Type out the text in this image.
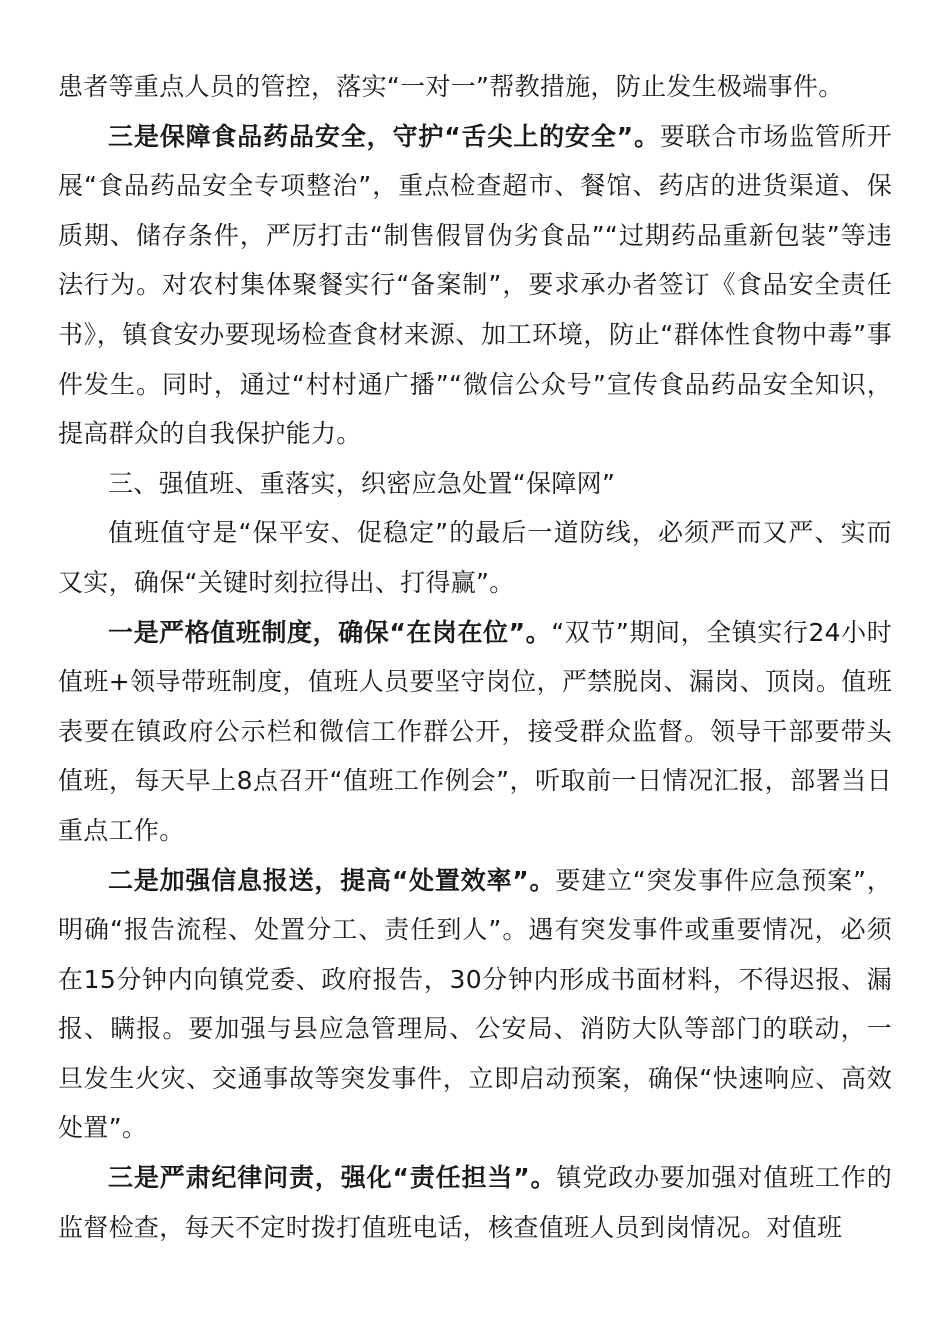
患者等重点人员的管控，落实“一对一”帮教措施，防止发生极端事件。

三是保障食品药品安全，守护“舌尖上的安全”。要联合市场监管所开展“食品药品安全专项整治”，重点检查超市、餐馆、药店的进货渠道、保质期、储存条件，严厉打击“制售假冒伪劣食品”“过期药品重新包装”等违法行为。对农村集体聚餐实行“备案制”，要求承办者签订《食品安全责任书》，镇食安办要现场检查食材来源、加工环境，防止“群体性食物中毒”事件发生。同时，通过“村村通广播”“微信公众号”宣传食品药品安全知识，提高群众的自我保护能力。

三、强值班、重落实，织密应急处置“保障网”

值班值守是“保平安、促稳定”的最后一道防线，必须严而又严、实而又实，确保“关键时刻拉得出、打得赢”。

一是严格值班制度，确保“在岗在位”。“双节”期间，全镇实行24小时值班+领导带班制度，值班人员要坚守岗位，严禁脱岗、漏岗、顶岗。值班表要在镇政府公示栏和微信工作群公开，接受群众监督。领导干部要带头值班，每天早上8点召开“值班工作例会”，听取前一日情况汇报，部署当日重点工作。

二是加强信息报送，提高“处置效率”。要建立“突发事件应急预案”，明确“报告流程、处置分工、责任到人”。遇有突发事件或重要情况，必须在15分钟内向镇党委、政府报告，30分钟内形成书面材料，不得迟报、漏报、瞒报。要加强与县应急管理局、公安局、消防大队等部门的联动，一旦发生火灾、交通事故等突发事件，立即启动预案，确保“快速响应、高效处置”。

三是严肃纪律问责，强化“责任担当”。镇党政办要加强对值班工作的监督检查，每天不定时拨打值班电话，核查值班人员到岗情况。对值班
